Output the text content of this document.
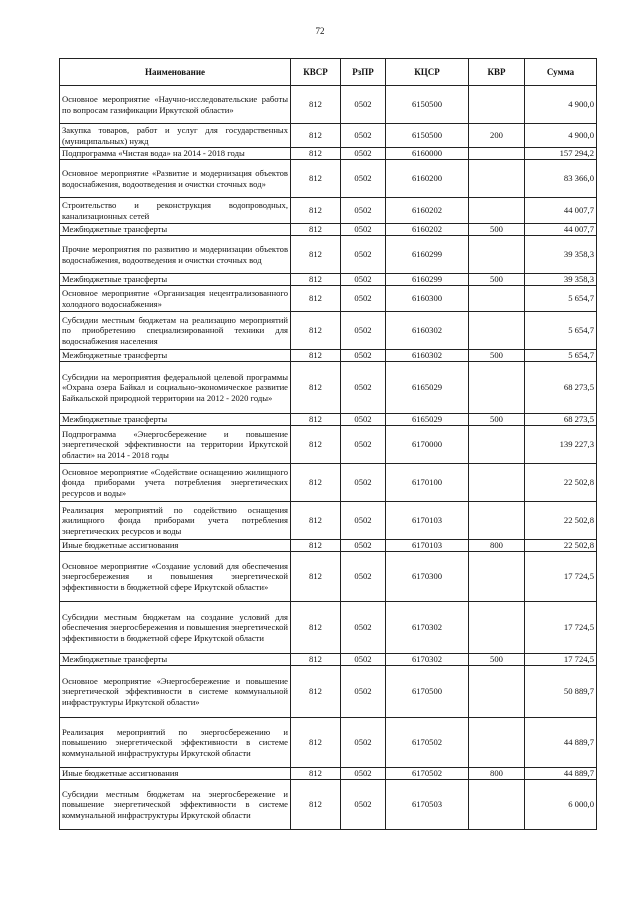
72
Наименование	КВСР	РзПР	КЦСР	КВР	Сумма
Основное мероприятие «Научно-исследовательские работы по вопросам газификации Иркутской области»	812	0502	6150500		4 900,0
Закупка товаров, работ и услуг для государственных (муниципальных) нужд	812	0502	6150500	200	4 900,0
Подпрограмма «Чистая вода» на 2014 - 2018 годы	812	0502	6160000		157 294,2
Основное мероприятие «Развитие и модернизация объектов водоснабжения, водоотведения и очистки сточных вод»	812	0502	6160200		83 366,0
Строительство и реконструкция водопроводных, канализационных сетей	812	0502	6160202		44 007,7
Межбюджетные трансферты	812	0502	6160202	500	44 007,7
Прочие мероприятия по развитию и модернизации объектов водоснабжения, водоотведения и очистки сточных вод	812	0502	6160299		39 358,3
Межбюджетные трансферты	812	0502	6160299	500	39 358,3
Основное мероприятие «Организация нецентрализованного холодного водоснабжения»	812	0502	6160300		5 654,7
Субсидии местным бюджетам на реализацию мероприятий по приобретению специализированной техники для водоснабжения населения	812	0502	6160302		5 654,7
Межбюджетные трансферты	812	0502	6160302	500	5 654,7
Субсидии на мероприятия федеральной целевой программы «Охрана озера Байкал и социально-экономическое развитие Байкальской природной территории на 2012 - 2020 годы»	812	0502	6165029		68 273,5
Межбюджетные трансферты	812	0502	6165029	500	68 273,5
Подпрограмма «Энергосбережение и повышение энергетической эффективности на территории Иркутской области» на 2014 - 2018 годы	812	0502	6170000		139 227,3
Основное мероприятие «Содействие оснащению жилищного фонда приборами учета потребления энергетических ресурсов и воды»	812	0502	6170100		22 502,8
Реализация мероприятий по содействию оснащения жилищного фонда приборами учета потребления энергетических ресурсов и воды	812	0502	6170103		22 502,8
Иные бюджетные ассигнования	812	0502	6170103	800	22 502,8
Основное мероприятие «Создание условий для обеспечения энергосбережения и повышения энергетической эффективности в бюджетной сфере Иркутской области»	812	0502	6170300		17 724,5
Субсидии местным бюджетам на создание условий для обеспечения энергосбережения и повышения энергетической эффективности в бюджетной сфере Иркутской области	812	0502	6170302		17 724,5
Межбюджетные трансферты	812	0502	6170302	500	17 724,5
Основное мероприятие «Энергосбережение и повышение энергетической эффективности в системе коммунальной инфраструктуры Иркутской области»	812	0502	6170500		50 889,7
Реализация мероприятий по энергосбережению и повышению энергетической эффективности в системе коммунальной инфраструктуры Иркутской области	812	0502	6170502		44 889,7
Иные бюджетные ассигнования	812	0502	6170502	800	44 889,7
Субсидии местным бюджетам на энергосбережение и повышение энергетической эффективности в системе коммунальной инфраструктуры Иркутской области	812	0502	6170503		6 000,0
